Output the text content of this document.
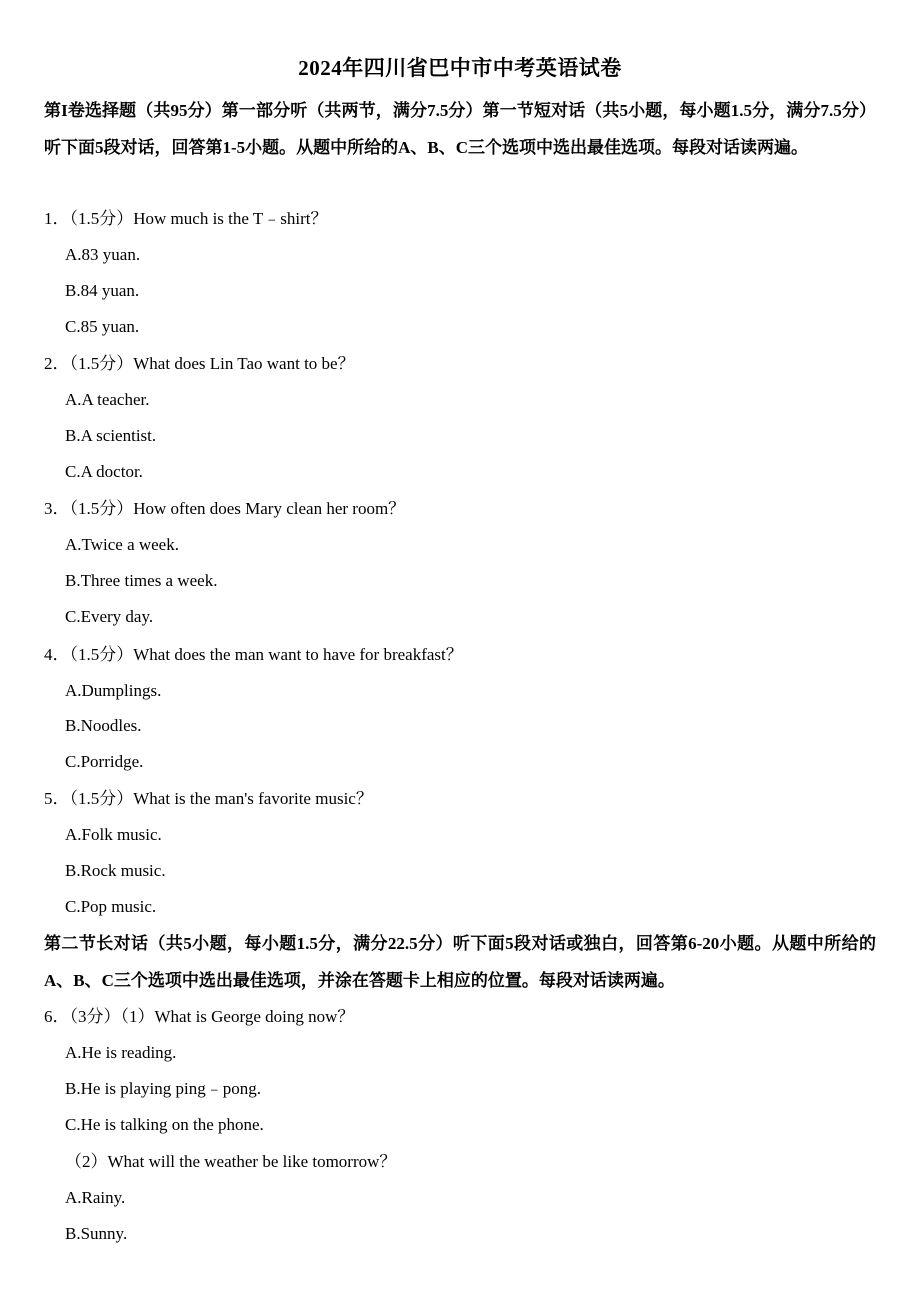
2024年四川省巴中市中考英语试卷
第I卷选择题（共95分）第一部分听（共两节，满分7.5分）第一节短对话（共5小题，每小题1.5分，满分7.5分）听下面5段对话，回答第1-5小题。从题中所给的A、B、C三个选项中选出最佳选项。每段对话读两遍。
1．（1.5分）How much is the T﹣shirt？
A.83 yuan.
B.84 yuan.
C.85 yuan.
2．（1.5分）What does Lin Tao want to be？
A.A teacher.
B.A scientist.
C.A doctor.
3．（1.5分）How often does Mary clean her room？
A.Twice a week.
B.Three times a week.
C.Every day.
4．（1.5分）What does the man want to have for breakfast？
A.Dumplings.
B.Noodles.
C.Porridge.
5．（1.5分）What is the man's favorite music？
A.Folk music.
B.Rock music.
C.Pop music.
第二节长对话（共5小题，每小题1.5分，满分22.5分）听下面5段对话或独白，回答第6-20小题。从题中所给的A、B、C三个选项中选出最佳选项，并涂在答题卡上相应的位置。每段对话读两遍。
6．（3分）（1）What is George doing now？
A.He is reading.
B.He is playing ping﹣pong.
C.He is talking on the phone.
（2）What will the weather be like tomorrow？
A.Rainy.
B.Sunny.
